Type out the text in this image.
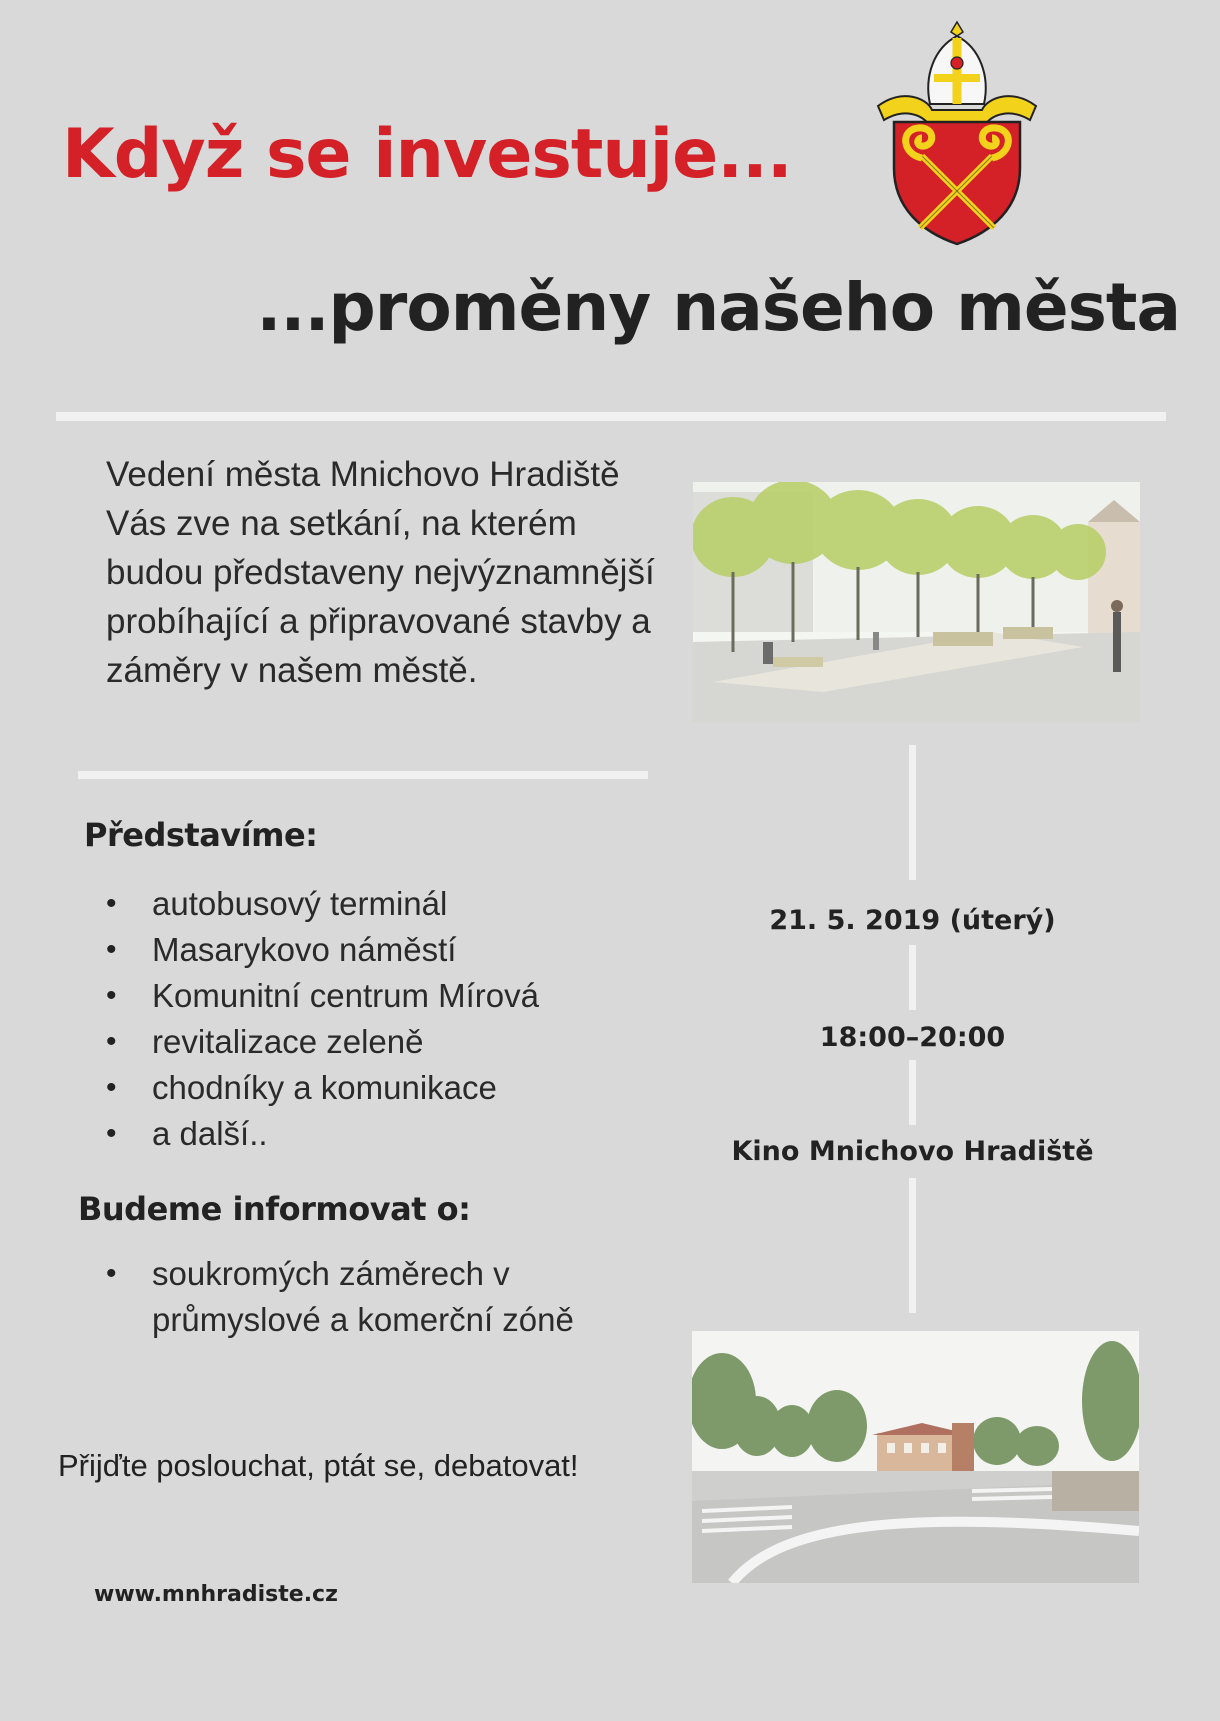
Když se investuje...
...proměny našeho města
Vedení města Mnichovo Hradiště Vás zve na setkání, na kterém budou představeny nejvýznamnější probíhající a připravované stavby a záměry v našem městě.
Představíme:
• autobusový terminál
• Masarykovo náměstí
• Komunitní centrum Mírová
• revitalizace zeleně
• chodníky a komunikace
• a další..
Budeme informovat o:
• soukromých záměrech v průmyslové a komerční zóně
Přijďte poslouchat, ptát se, debatovat!
www.mnhradiste.cz
21. 5. 2019 (úterý)
18:00–20:00
Kino Mnichovo Hradiště
